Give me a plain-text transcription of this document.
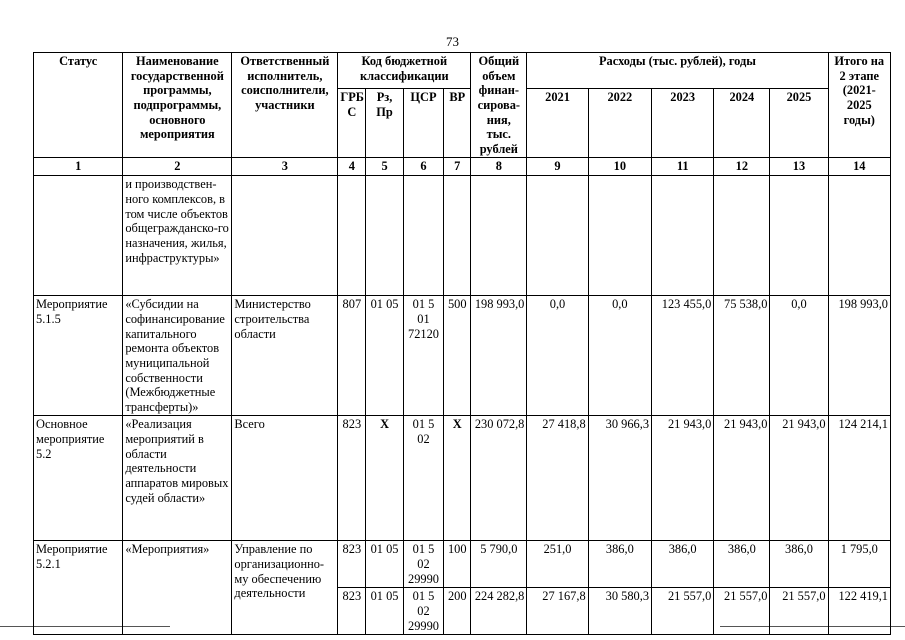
73
Статус	Наименование государственной программы, подпрограммы, основного мероприятия	Ответственный исполнитель, соисполнители, участники	Код бюджетной классификации				Общий объем финан-сирова-ния, тыс. рублей	Расходы (тыс. рублей), годы					Итого на 2 этапе (2021-2025 годы)
			ГРБ С	Рз, Пр	ЦСР	ВР		2021	2022	2023	2024	2025	
1	2	3	4	5	6	7	8	9	10	11	12	13	14
	и производствен-ного комплексов, в том числе объектов общегражданско-го назначения, жилья, инфраструктуры»												
Мероприятие 5.1.5	«Субсидии на софинансирование капитального ремонта объектов муниципальной собственности (Межбюджетные трансферты)»	Министерство строительства области	807	01 05	01 5 01 72120	500	198 993,0	0,0	0,0	123 455,0	75 538,0	0,0	198 993,0
Основное мероприятие 5.2	«Реализация мероприятий в области деятельности аппаратов мировых судей области»	Всего	823	X	01 5 02	X	230 072,8	27 418,8	30 966,3	21 943,0	21 943,0	21 943,0	124 214,1
Мероприятие 5.2.1	«Мероприятия»	Управление по организационно-му обеспечению деятельности	823	01 05	01 5 02 29990	100	5 790,0	251,0	386,0	386,0	386,0	386,0	1 795,0
			823	01 05	01 5 02 29990	200	224 282,8	27 167,8	30 580,3	21 557,0	21 557,0	21 557,0	122 419,1
